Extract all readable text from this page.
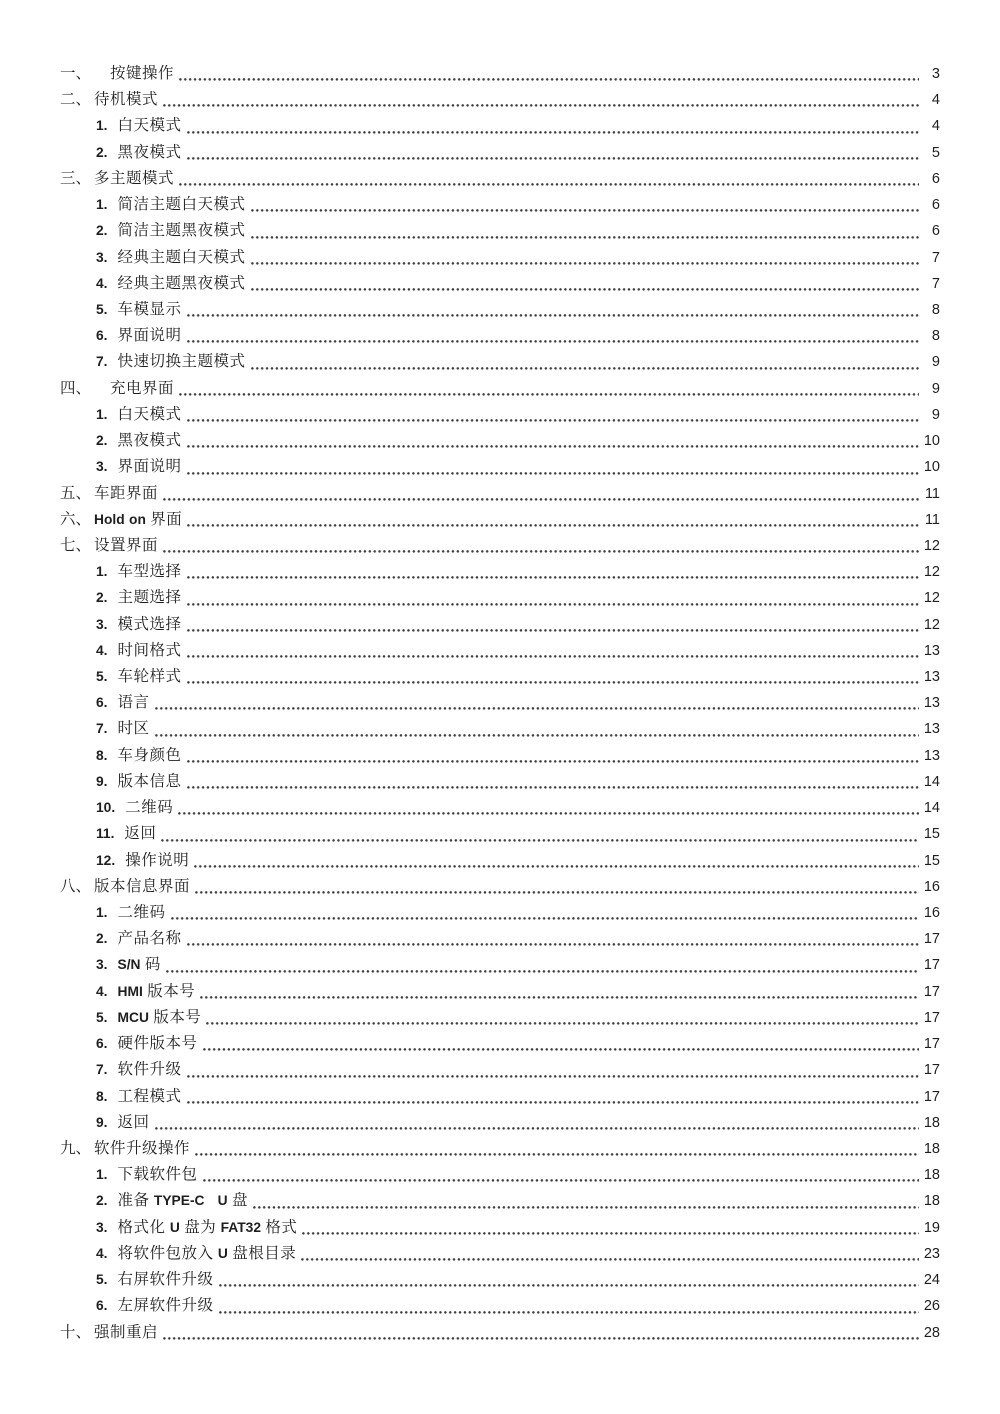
一、 按键操作	3
二、 待机模式	4
1. 白天模式	4
2. 黑夜模式	5
三、 多主题模式	6
1. 简洁主题白天模式	6
2. 简洁主题黑夜模式	6
3. 经典主题白天模式	7
4. 经典主题黑夜模式	7
5. 车模显示	8
6. 界面说明	8
7. 快速切换主题模式	9
四、 充电界面	9
1. 白天模式	9
2. 黑夜模式	10
3. 界面说明	10
五、 车距界面	11
六、 Hold on 界面	11
七、 设置界面	12
1. 车型选择	12
2. 主题选择	12
3. 模式选择	12
4. 时间格式	13
5. 车轮样式	13
6. 语言	13
7. 时区	13
8. 车身颜色	13
9. 版本信息	14
10. 二维码	14
11. 返回	15
12. 操作说明	15
八、 版本信息界面	16
1. 二维码	16
2. 产品名称	17
3. S/N 码	17
4. HMI 版本号	17
5. MCU 版本号	17
6. 硬件版本号	17
7. 软件升级	17
8. 工程模式	17
9. 返回	18
九、 软件升级操作	18
1. 下载软件包	18
2. 准备 TYPE-C U 盘	18
3. 格式化 U 盘为 FAT32 格式	19
4. 将软件包放入 U 盘根目录	23
5. 右屏软件升级	24
6. 左屏软件升级	26
十、 强制重启	28
